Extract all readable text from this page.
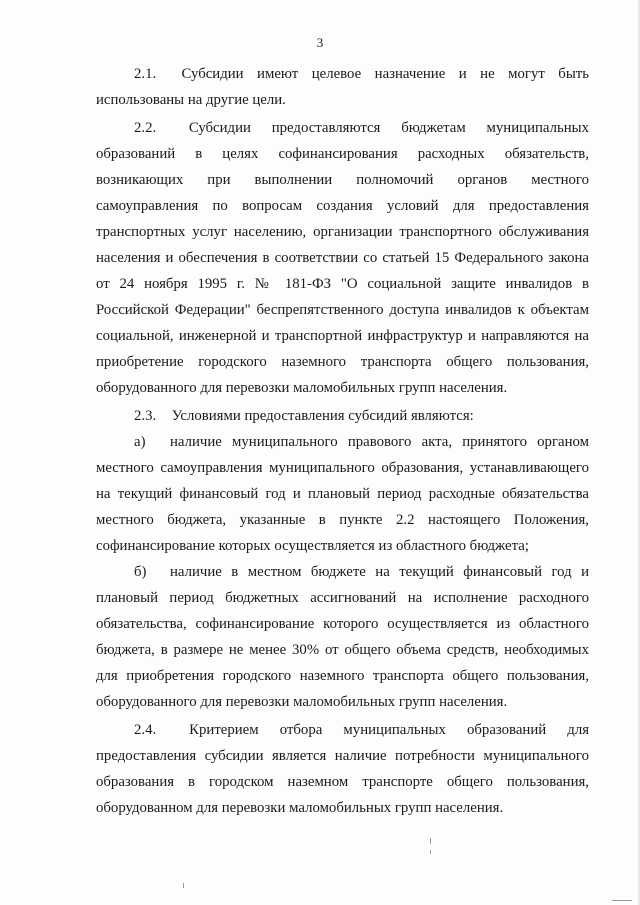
3

2.1. Субсидии имеют целевое назначение и не могут быть использованы на другие цели.

2.2. Субсидии предоставляются бюджетам муниципальных образований в целях софинансирования расходных обязательств, возникающих при выполнении полномочий органов местного самоуправления по вопросам создания условий для предоставления транспортных услуг населению, организации транспортного обслуживания населения и обеспечения в соответствии со статьей 15 Федерального закона от 24 ноября 1995 г. № 181-ФЗ "О социальной защите инвалидов в Российской Федерации" беспрепятственного доступа инвалидов к объектам социальной, инженерной и транспортной инфраструктур и направляются на приобретение городского наземного транспорта общего пользования, оборудованного для перевозки маломобильных групп населения.

2.3. Условиями предоставления субсидий являются:

а) наличие муниципального правового акта, принятого органом местного самоуправления муниципального образования, устанавливающего на текущий финансовый год и плановый период расходные обязательства местного бюджета, указанные в пункте 2.2 настоящего Положения, софинансирование которых осуществляется из областного бюджета;

б) наличие в местном бюджете на текущий финансовый год и плановый период бюджетных ассигнований на исполнение расходного обязательства, софинансирование которого осуществляется из областного бюджета, в размере не менее 30% от общего объема средств, необходимых для приобретения городского наземного транспорта общего пользования, оборудованного для перевозки маломобильных групп населения.

2.4. Критерием отбора муниципальных образований для предоставления субсидии является наличие потребности муниципального образования в городском наземном транспорте общего пользования, оборудованном для перевозки маломобильных групп населения.
